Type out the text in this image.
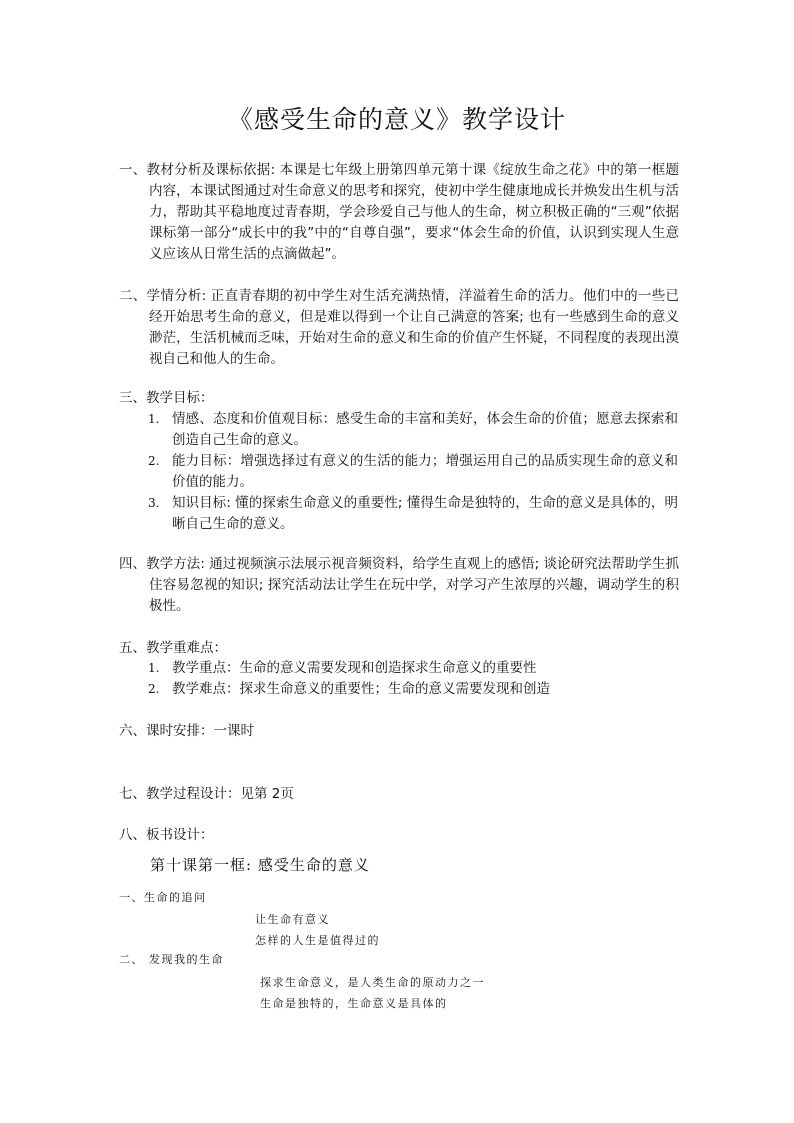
《感受生命的意义》教学设计
一、教材分析及课标依据: 本课是七年级上册第四单元第十课《绽放生命之花》中的第一框题内容，本课试图通过对生命意义的思考和探究，使初中学生健康地成长并焕发出生机与活力，帮助其平稳地度过青春期，学会珍爱自己与他人的生命，树立积极正确的“三观”依据课标第一部分“成长中的我”中的“自尊自强”，要求“体会生命的价值，认识到实现人生意义应该从日常生活的点滴做起”。
二、学情分析: 正直青春期的初中学生对生活充满热情，洋溢着生命的活力。他们中的一些已经开始思考生命的意义，但是难以得到一个让自己满意的答案; 也有一些感到生命的意义渺茫，生活机械而乏味，开始对生命的意义和生命的价值产生怀疑，不同程度的表现出漠视自己和他人的生命。
三、教学目标：
1. 情感、态度和价值观目标：感受生命的丰富和美好，体会生命的价值；愿意去探索和创造自己生命的意义。
2. 能力目标：增强选择过有意义的生活的能力；增强运用自己的品质实现生命的意义和价值的能力。
3. 知识目标: 懂的探索生命意义的重要性; 懂得生命是独特的，生命的意义是具体的，明晰自己生命的意义。
四、教学方法: 通过视频演示法展示视音频资料，给学生直观上的感悟; 谈论研究法帮助学生抓住容易忽视的知识; 探究活动法让学生在玩中学，对学习产生浓厚的兴趣，调动学生的积极性。
五、教学重难点：
1. 教学重点：生命的意义需要发现和创造探求生命意义的重要性
2. 教学难点：探求生命意义的重要性；生命的意义需要发现和创造
六、课时安排：一课时
七、教学过程设计：见第 2页
八、板书设计：
第十课第一框: 感受生命的意义
一、生命的追问
让生命有意义
怎样的人生是值得过的
二、 发现我的生命
探求生命意义，是人类生命的原动力之一
生命是独特的，生命意义是具体的
